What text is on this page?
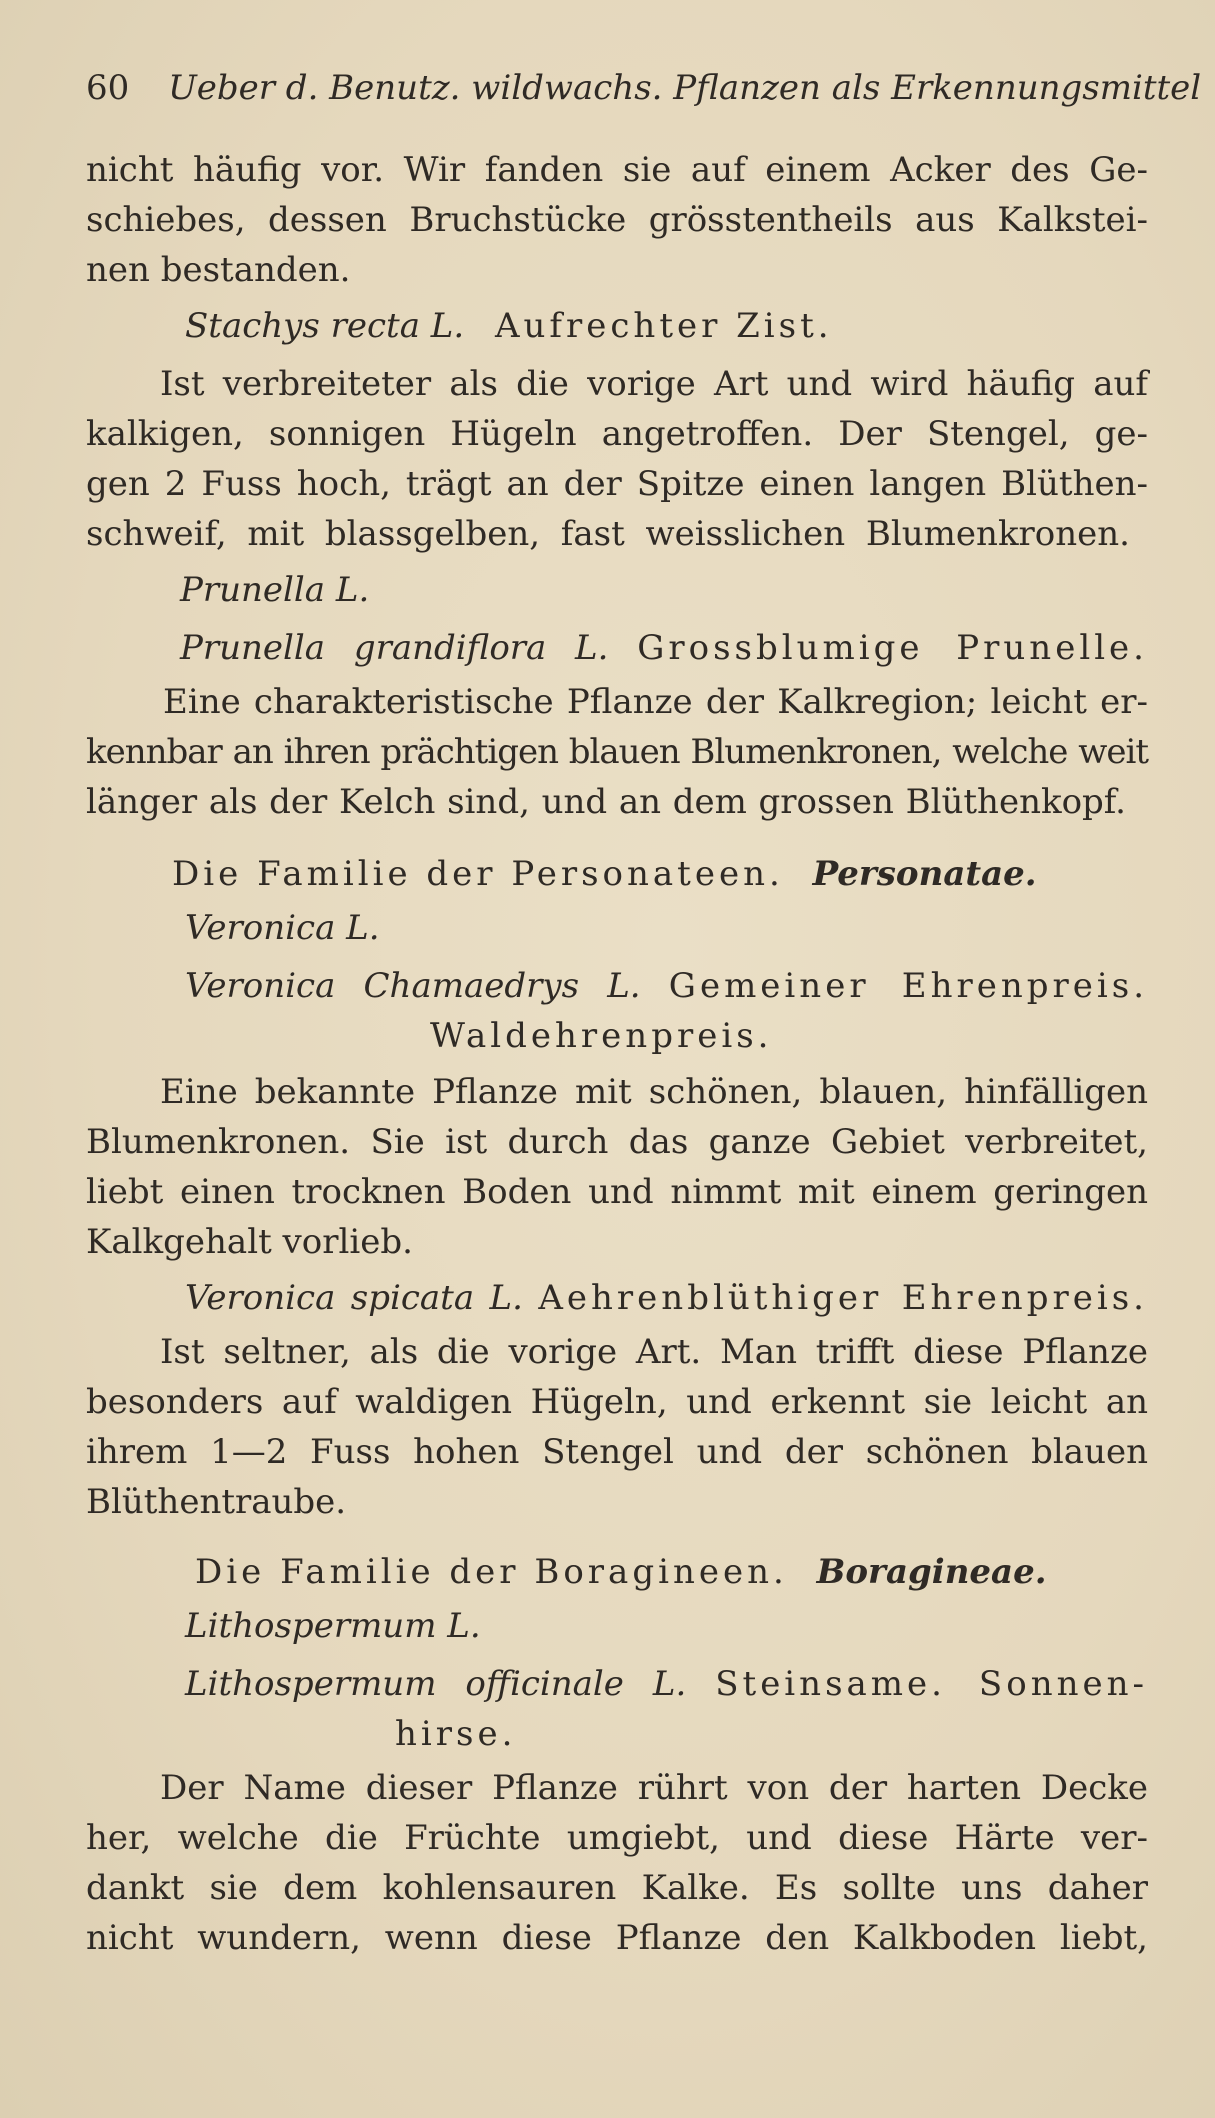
60 Ueber d. Benutz. wildwachs. Pflanzen als Erkennungsmittel
nicht häufig vor. Wir fanden sie auf einem Acker des Ge-
schiebes, dessen Bruchstücke grösstentheils aus Kalkstei-
nen bestanden.
Stachys recta L. Aufrechter Zist.
Ist verbreiteter als die vorige Art und wird häufig auf
kalkigen, sonnigen Hügeln angetroffen. Der Stengel, ge-
gen 2 Fuss hoch, trägt an der Spitze einen langen Blüthen-
schweif, mit blassgelben, fast weisslichen Blumenkronen.
Prunella L.
Prunella grandiflora L. Grossblumige Prunelle.
Eine charakteristische Pflanze der Kalkregion; leicht er-
kennbar an ihren prächtigen blauen Blumenkronen, welche weit
länger als der Kelch sind, und an dem grossen Blüthenkopf.
Die Familie der Personateen. Personatae.
Veronica L.
Veronica Chamaedrys L. Gemeiner Ehrenpreis.
Waldehrenpreis.
Eine bekannte Pflanze mit schönen, blauen, hinfälligen
Blumenkronen. Sie ist durch das ganze Gebiet verbreitet,
liebt einen trocknen Boden und nimmt mit einem geringen
Kalkgehalt vorlieb.
Veronica spicata L. Aehrenblüthiger Ehrenpreis.
Ist seltner, als die vorige Art. Man trifft diese Pflanze
besonders auf waldigen Hügeln, und erkennt sie leicht an
ihrem 1—2 Fuss hohen Stengel und der schönen blauen
Blüthentraube.
Die Familie der Boragineen. Boragineae.
Lithospermum L.
Lithospermum officinale L. Steinsame. Sonnen-
hirse.
Der Name dieser Pflanze rührt von der harten Decke
her, welche die Früchte umgiebt, und diese Härte ver-
dankt sie dem kohlensauren Kalke. Es sollte uns daher
nicht wundern, wenn diese Pflanze den Kalkboden liebt,
